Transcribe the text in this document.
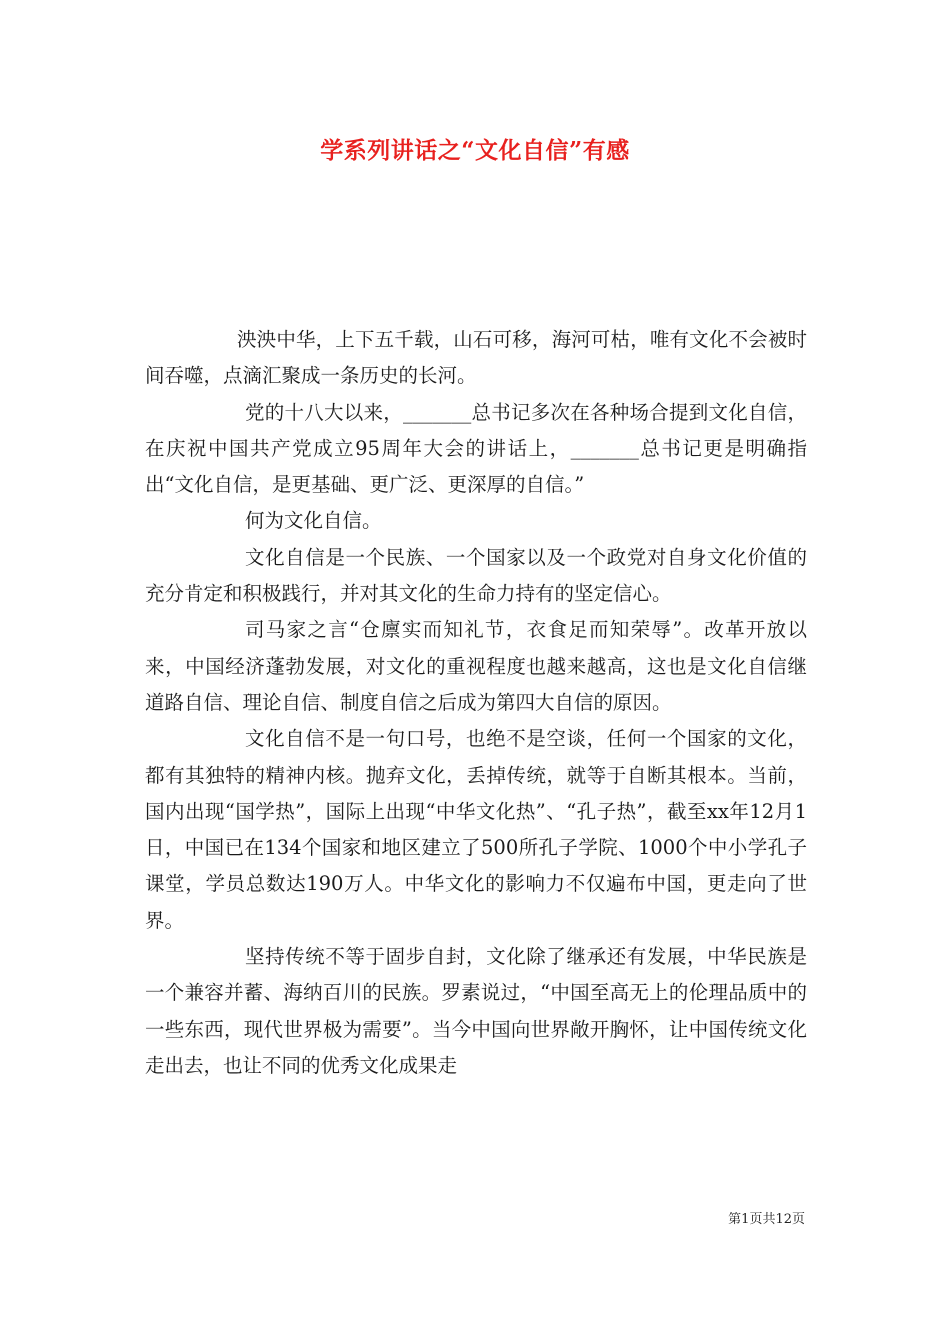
学系列讲话之“文化自信”有感

泱泱中华，上下五千载，山石可移，海河可枯，唯有文化不会被时间吞噬，点滴汇聚成一条历史的长河。

党的十八大以来，_______总书记多次在各种场合提到文化自信，在庆祝中国共产党成立95周年大会的讲话上，_______总书记更是明确指出“文化自信，是更基础、更广泛、更深厚的自信。”

何为文化自信。

文化自信是一个民族、一个国家以及一个政党对自身文化价值的充分肯定和积极践行，并对其文化的生命力持有的坚定信心。

司马家之言“仓廪实而知礼节，衣食足而知荣辱”。改革开放以来，中国经济蓬勃发展，对文化的重视程度也越来越高，这也是文化自信继道路自信、理论自信、制度自信之后成为第四大自信的原因。

文化自信不是一句口号，也绝不是空谈，任何一个国家的文化，都有其独特的精神内核。抛弃文化，丢掉传统，就等于自断其根本。当前，国内出现“国学热”，国际上出现“中华文化热”、“孔子热”，截至xx年12月1日，中国已在134个国家和地区建立了500所孔子学院、1000个中小学孔子课堂，学员总数达190万人。中华文化的影响力不仅遍布中国，更走向了世界。

坚持传统不等于固步自封，文化除了继承还有发展，中华民族是一个兼容并蓄、海纳百川的民族。罗素说过，“中国至高无上的伦理品质中的一些东西，现代世界极为需要”。当今中国向世界敞开胸怀，让中国传统文化走出去，也让不同的优秀文化成果走

第1页共12页
